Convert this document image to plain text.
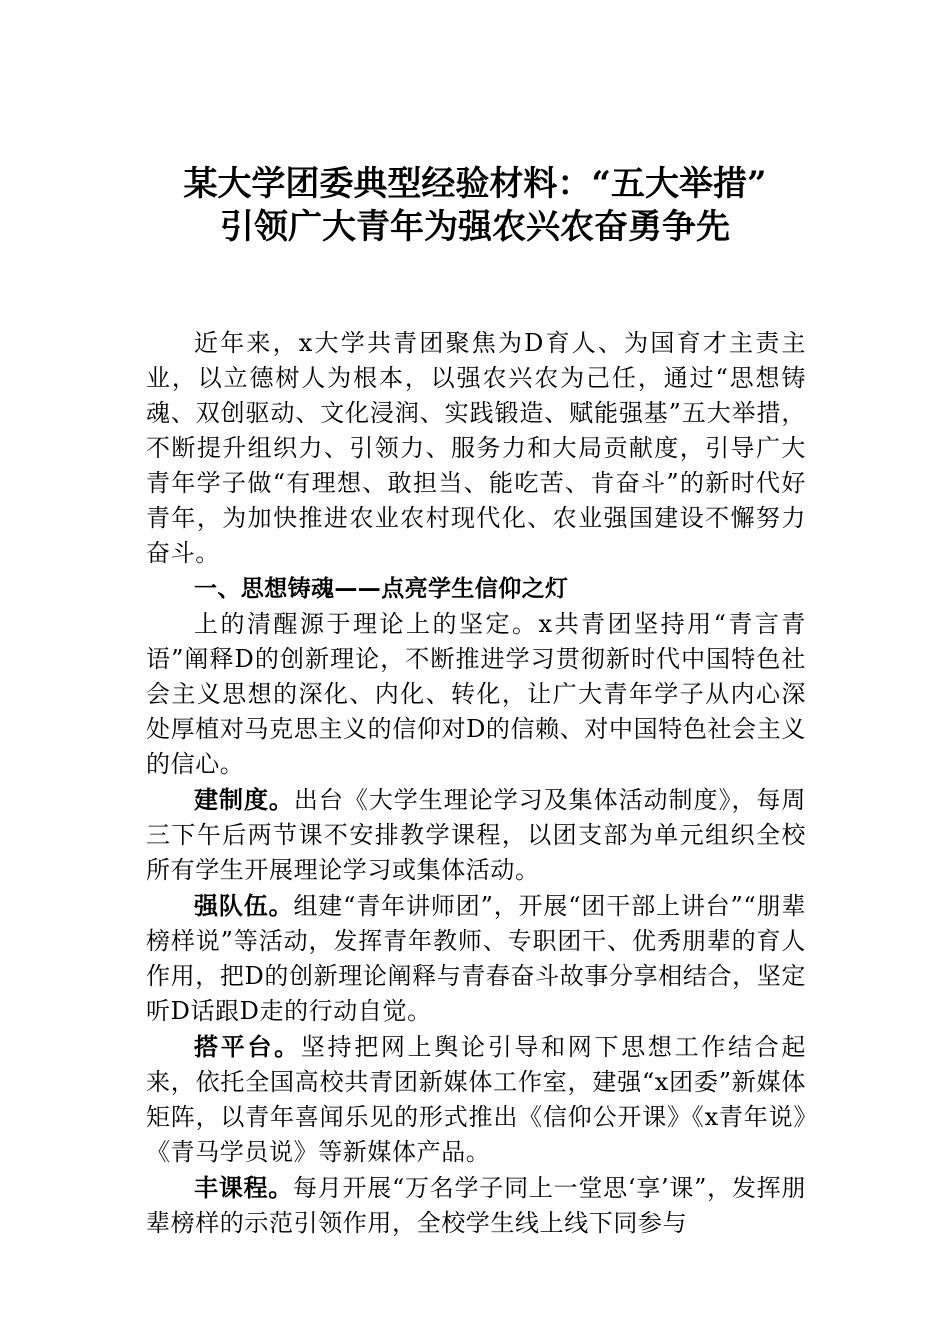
某大学团委典型经验材料：“五大举措”
引领广大青年为强农兴农奋勇争先

近年来，x大学共青团聚焦为D育人、为国育才主责主业，以立德树人为根本，以强农兴农为己任，通过“思想铸魂、双创驱动、文化浸润、实践锻造、赋能强基”五大举措，不断提升组织力、引领力、服务力和大局贡献度，引导广大青年学子做“有理想、敢担当、能吃苦、肯奋斗”的新时代好青年，为加快推进农业农村现代化、农业强国建设不懈努力奋斗。

一、思想铸魂——点亮学生信仰之灯

上的清醒源于理论上的坚定。x共青团坚持用“青言青语”阐释D的创新理论，不断推进学习贯彻新时代中国特色社会主义思想的深化、内化、转化，让广大青年学子从内心深处厚植对马克思主义的信仰对D的信赖、对中国特色社会主义的信心。

建制度。出台《大学生理论学习及集体活动制度》，每周三下午后两节课不安排教学课程，以团支部为单元组织全校所有学生开展理论学习或集体活动。

强队伍。组建“青年讲师团”，开展“团干部上讲台”“朋辈榜样说”等活动，发挥青年教师、专职团干、优秀朋辈的育人作用，把D的创新理论阐释与青春奋斗故事分享相结合，坚定听D话跟D走的行动自觉。

搭平台。坚持把网上舆论引导和网下思想工作结合起来，依托全国高校共青团新媒体工作室，建强“x团委”新媒体矩阵，以青年喜闻乐见的形式推出《信仰公开课》《x青年说》《青马学员说》等新媒体产品。

丰课程。每月开展“万名学子同上一堂思‘享’课”，发挥朋辈榜样的示范引领作用，全校学生线上线下同参与
